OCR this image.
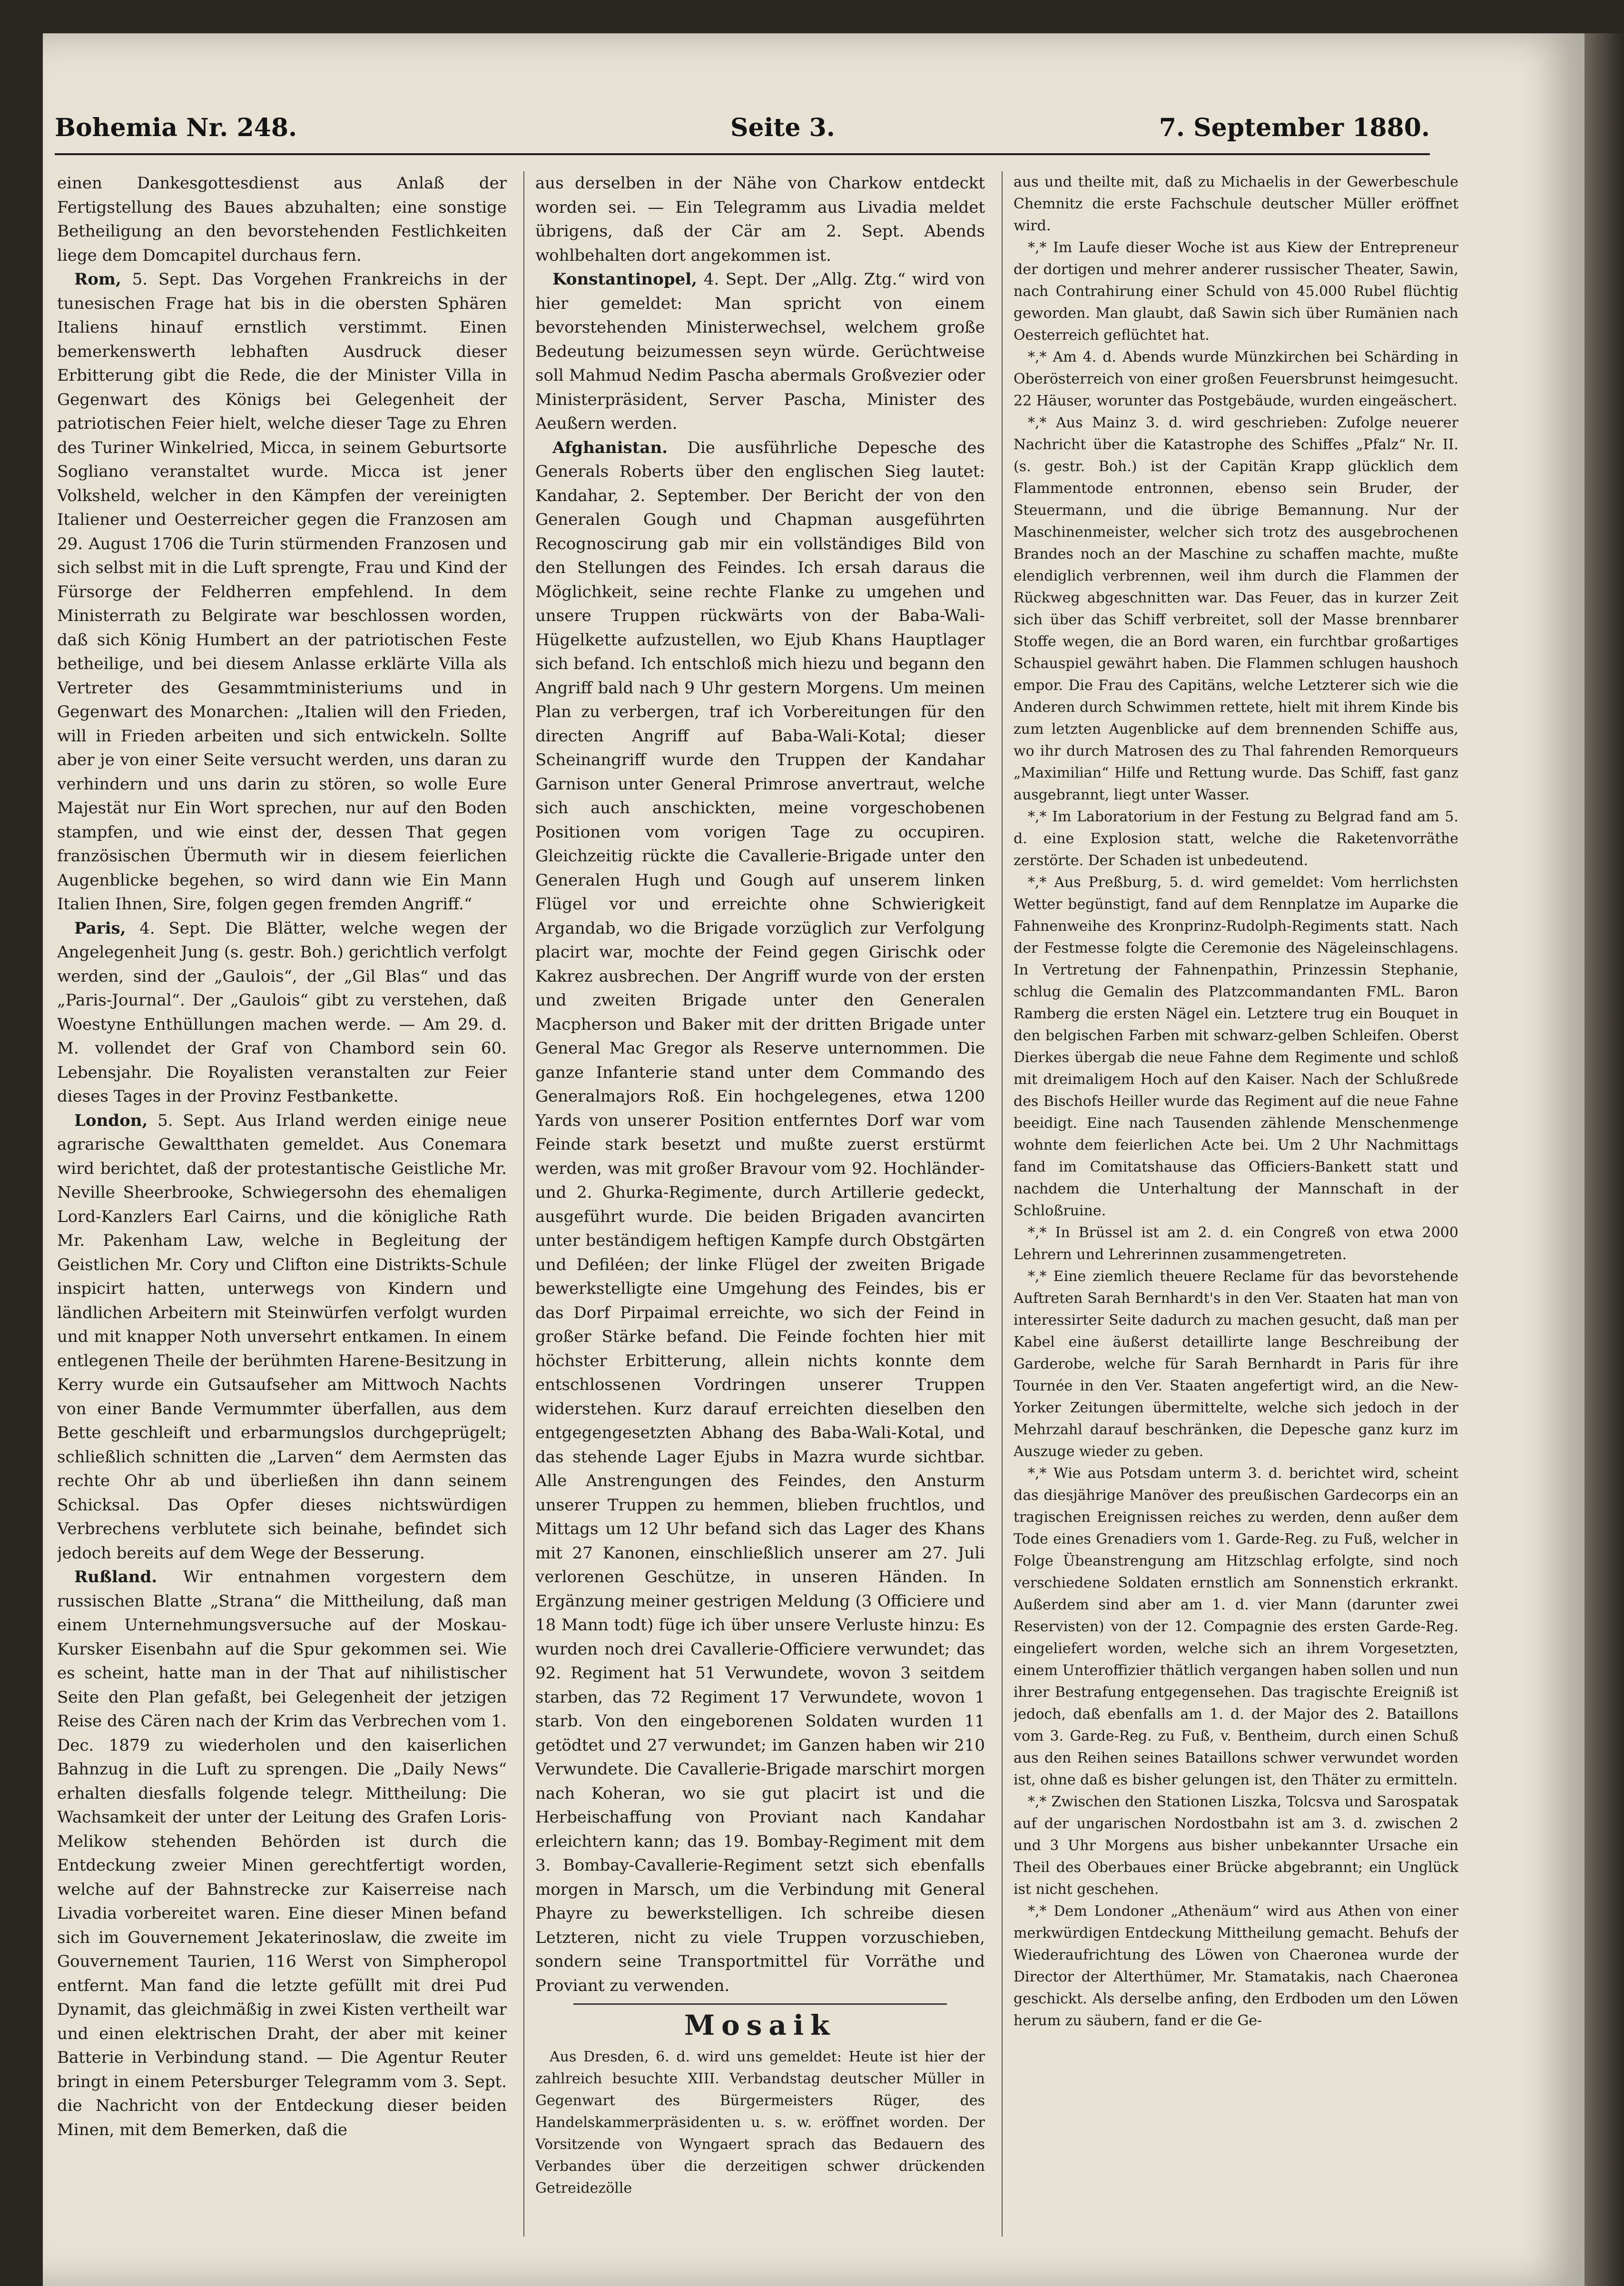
Bohemia Nr. 248.	Seite 3.	7. September 1880.

einen Dankesgottesdienst aus Anlaß der Fertigstellung des Baues abzuhalten; eine sonstige Betheiligung an den bevorstehenden Festlichkeiten liege dem Domcapitel durchaus fern.

Rom, 5. Sept. Das Vorgehen Frankreichs in der tunesischen Frage hat bis in die obersten Sphären Italiens hinauf ernstlich verstimmt. Einen bemerkenswerth lebhaften Ausdruck dieser Erbitterung gibt die Rede, die der Minister Villa in Gegenwart des Königs bei Gelegenheit der patriotischen Feier hielt, welche dieser Tage zu Ehren des Turiner Winkelried, Micca, in seinem Geburtsorte Sogliano veranstaltet wurde. Micca ist jener Volksheld, welcher in den Kämpfen der vereinigten Italiener und Oesterreicher gegen die Franzosen am 29. August 1706 die Turin stürmenden Franzosen und sich selbst mit in die Luft sprengte, Frau und Kind der Fürsorge der Feldherren empfehlend. In dem Ministerrath zu Belgirate war beschlossen worden, daß sich König Humbert an der patriotischen Feste betheilige, und bei diesem Anlasse erklärte Villa als Vertreter des Gesammtministeriums und in Gegenwart des Monarchen: „Italien will den Frieden, will in Frieden arbeiten und sich entwickeln. Sollte aber je von einer Seite versucht werden, uns daran zu verhindern und uns darin zu stören, so wolle Eure Majestät nur Ein Wort sprechen, nur auf den Boden stampfen, und wie einst der, dessen That gegen französischen Übermuth wir in diesem feierlichen Augenblicke begehen, so wird dann wie Ein Mann Italien Ihnen, Sire, folgen gegen fremden Angriff.“

Paris, 4. Sept. Die Blätter, welche wegen der Angelegenheit Jung (s. gestr. Boh.) gerichtlich verfolgt werden, sind der „Gaulois“, der „Gil Blas“ und das „Paris-Journal“. Der „Gaulois“ gibt zu verstehen, daß Woestyne Enthüllungen machen werde. — Am 29. d. M. vollendet der Graf von Chambord sein 60. Lebensjahr. Die Royalisten veranstalten zur Feier dieses Tages in der Provinz Festbankette.

London, 5. Sept. Aus Irland werden einige neue agrarische Gewaltthaten gemeldet. Aus Conemara wird berichtet, daß der protestantische Geistliche Mr. Neville Sheerbrooke, Schwiegersohn des ehemaligen Lord-Kanzlers Earl Cairns, und die königliche Rath Mr. Pakenham Law, welche in Begleitung der Geistlichen Mr. Cory und Clifton eine Distrikts-Schule inspicirt hatten, unterwegs von Kindern und ländlichen Arbeitern mit Steinwürfen verfolgt wurden und mit knapper Noth unversehrt entkamen. In einem entlegenen Theile der berühmten Harene-Besitzung in Kerry wurde ein Gutsaufseher am Mittwoch Nachts von einer Bande Vermummter überfallen, aus dem Bette geschleift und erbarmungslos durchgeprügelt; schließlich schnitten die „Larven“ dem Aermsten das rechte Ohr ab und überließen ihn dann seinem Schicksal. Das Opfer dieses nichtswürdigen Verbrechens verblutete sich beinahe, befindet sich jedoch bereits auf dem Wege der Besserung.

Rußland. Wir entnahmen vorgestern dem russischen Blatte „Strana“ die Mittheilung, daß man einem Unternehmungsversuche auf der Moskau-Kursker Eisenbahn auf die Spur gekommen sei. Wie es scheint, hatte man in der That auf nihilistischer Seite den Plan gefaßt, bei Gelegenheit der jetzigen Reise des Cären nach der Krim das Verbrechen vom 1. Dec. 1879 zu wiederholen und den kaiserlichen Bahnzug in die Luft zu sprengen. Die „Daily News“ erhalten diesfalls folgende telegr. Mittheilung: Die Wachsamkeit der unter der Leitung des Grafen Loris-Melikow stehenden Behörden ist durch die Entdeckung zweier Minen gerechtfertigt worden, welche auf der Bahnstrecke zur Kaiserreise nach Livadia vorbereitet waren. Eine dieser Minen befand sich im Gouvernement Jekaterinoslaw, die zweite im Gouvernement Taurien, 116 Werst von Simpheropol entfernt. Man fand die letzte gefüllt mit drei Pud Dynamit, das gleichmäßig in zwei Kisten vertheilt war und einen elektrischen Draht, der aber mit keiner Batterie in Verbindung stand. — Die Agentur Reuter bringt in einem Petersburger Telegramm vom 3. Sept. die Nachricht von der Entdeckung dieser beiden Minen, mit dem Bemerken, daß die

aus derselben in der Nähe von Charkow entdeckt worden sei. — Ein Telegramm aus Livadia meldet übrigens, daß der Cär am 2. Sept. Abends wohlbehalten dort angekommen ist.

Konstantinopel, 4. Sept. Der „Allg. Ztg.“ wird von hier gemeldet: Man spricht von einem bevorstehenden Ministerwechsel, welchem große Bedeutung beizumessen seyn würde. Gerüchtweise soll Mahmud Nedim Pascha abermals Großvezier oder Ministerpräsident, Server Pascha, Minister des Aeußern werden.

Afghanistan. Die ausführliche Depesche des Generals Roberts über den englischen Sieg lautet: Kandahar, 2. September. Der Bericht der von den Generalen Gough und Chapman ausgeführten Recognoscirung gab mir ein vollständiges Bild von den Stellungen des Feindes. Ich ersah daraus die Möglichkeit, seine rechte Flanke zu umgehen und unsere Truppen rückwärts von der Baba-Wali-Hügelkette aufzustellen, wo Ejub Khans Hauptlager sich befand. Ich entschloß mich hiezu und begann den Angriff bald nach 9 Uhr gestern Morgens. Um meinen Plan zu verbergen, traf ich Vorbereitungen für den directen Angriff auf Baba-Wali-Kotal; dieser Scheinangriff wurde den Truppen der Kandahar Garnison unter General Primrose anvertraut, welche sich auch anschickten, meine vorgeschobenen Positionen vom vorigen Tage zu occupiren. Gleichzeitig rückte die Cavallerie-Brigade unter den Generalen Hugh und Gough auf unserem linken Flügel vor und erreichte ohne Schwierigkeit Argandab, wo die Brigade vorzüglich zur Verfolgung placirt war, mochte der Feind gegen Girischk oder Kakrez ausbrechen. Der Angriff wurde von der ersten und zweiten Brigade unter den Generalen Macpherson und Baker mit der dritten Brigade unter General Mac Gregor als Reserve unternommen. Die ganze Infanterie stand unter dem Commando des Generalmajors Roß. Ein hochgelegenes, etwa 1200 Yards von unserer Position entferntes Dorf war vom Feinde stark besetzt und mußte zuerst erstürmt werden, was mit großer Bravour vom 92. Hochländer- und 2. Ghurka-Regimente, durch Artillerie gedeckt, ausgeführt wurde. Die beiden Brigaden avancirten unter beständigem heftigen Kampfe durch Obstgärten und Defiléen; der linke Flügel der zweiten Brigade bewerkstelligte eine Umgehung des Feindes, bis er das Dorf Pirpaimal erreichte, wo sich der Feind in großer Stärke befand. Die Feinde fochten hier mit höchster Erbitterung, allein nichts konnte dem entschlossenen Vordringen unserer Truppen widerstehen. Kurz darauf erreichten dieselben den entgegengesetzten Abhang des Baba-Wali-Kotal, und das stehende Lager Ejubs in Mazra wurde sichtbar. Alle Anstrengungen des Feindes, den Ansturm unserer Truppen zu hemmen, blieben fruchtlos, und Mittags um 12 Uhr befand sich das Lager des Khans mit 27 Kanonen, einschließlich unserer am 27. Juli verlorenen Geschütze, in unseren Händen. In Ergänzung meiner gestrigen Meldung (3 Officiere und 18 Mann todt) füge ich über unsere Verluste hinzu: Es wurden noch drei Cavallerie-Officiere verwundet; das 92. Regiment hat 51 Verwundete, wovon 3 seitdem starben, das 72 Regiment 17 Verwundete, wovon 1 starb. Von den eingeborenen Soldaten wurden 11 getödtet und 27 verwundet; im Ganzen haben wir 210 Verwundete. Die Cavallerie-Brigade marschirt morgen nach Koheran, wo sie gut placirt ist und die Herbeischaffung von Proviant nach Kandahar erleichtern kann; das 19. Bombay-Regiment mit dem 3. Bombay-Cavallerie-Regiment setzt sich ebenfalls morgen in Marsch, um die Verbindung mit General Phayre zu bewerkstelligen. Ich schreibe diesen Letzteren, nicht zu viele Truppen vorzuschieben, sondern seine Transportmittel für Vorräthe und Proviant zu verwenden.

Mosaik

Aus Dresden, 6. d. wird uns gemeldet: Heute ist hier der zahlreich besuchte XIII. Verbandstag deutscher Müller in Gegenwart des Bürgermeisters Rüger, des Handelskammerpräsidenten u. s. w. eröffnet worden. Der Vorsitzende von Wyngaert sprach das Bedauern des Verbandes über die derzeitigen schwer drückenden Getreidezölle

aus und theilte mit, daß zu Michaelis in der Gewerbeschule Chemnitz die erste Fachschule deutscher Müller eröffnet wird.

*,* Im Laufe dieser Woche ist aus Kiew der Entrepreneur der dortigen und mehrer anderer russischer Theater, Sawin, nach Contrahirung einer Schuld von 45.000 Rubel flüchtig geworden. Man glaubt, daß Sawin sich über Rumänien nach Oesterreich geflüchtet hat.

*,* Am 4. d. Abends wurde Münzkirchen bei Schärding in Oberösterreich von einer großen Feuersbrunst heimgesucht. 22 Häuser, worunter das Postgebäude, wurden eingeäschert.

*,* Aus Mainz 3. d. wird geschrieben: Zufolge neuerer Nachricht über die Katastrophe des Schiffes „Pfalz“ Nr. II. (s. gestr. Boh.) ist der Capitän Krapp glücklich dem Flammentode entronnen, ebenso sein Bruder, der Steuermann, und die übrige Bemannung. Nur der Maschinenmeister, welcher sich trotz des ausgebrochenen Brandes noch an der Maschine zu schaffen machte, mußte elendiglich verbrennen, weil ihm durch die Flammen der Rückweg abgeschnitten war. Das Feuer, das in kurzer Zeit sich über das Schiff verbreitet, soll der Masse brennbarer Stoffe wegen, die an Bord waren, ein furchtbar großartiges Schauspiel gewährt haben. Die Flammen schlugen haushoch empor. Die Frau des Capitäns, welche Letzterer sich wie die Anderen durch Schwimmen rettete, hielt mit ihrem Kinde bis zum letzten Augenblicke auf dem brennenden Schiffe aus, wo ihr durch Matrosen des zu Thal fahrenden Remorqueurs „Maximilian“ Hilfe und Rettung wurde. Das Schiff, fast ganz ausgebrannt, liegt unter Wasser.

*,* Im Laboratorium in der Festung zu Belgrad fand am 5. d. eine Explosion statt, welche die Raketenvorräthe zerstörte. Der Schaden ist unbedeutend.

*,* Aus Preßburg, 5. d. wird gemeldet: Vom herrlichsten Wetter begünstigt, fand auf dem Rennplatze im Auparke die Fahnenweihe des Kronprinz-Rudolph-Regiments statt. Nach der Festmesse folgte die Ceremonie des Nägeleinschlagens. In Vertretung der Fahnenpathin, Prinzessin Stephanie, schlug die Gemalin des Platzcommandanten FML. Baron Ramberg die ersten Nägel ein. Letztere trug ein Bouquet in den belgischen Farben mit schwarz-gelben Schleifen. Oberst Dierkes übergab die neue Fahne dem Regimente und schloß mit dreimaligem Hoch auf den Kaiser. Nach der Schlußrede des Bischofs Heiller wurde das Regiment auf die neue Fahne beeidigt. Eine nach Tausenden zählende Menschenmenge wohnte dem feierlichen Acte bei. Um 2 Uhr Nachmittags fand im Comitatshause das Officiers-Bankett statt und nachdem die Unterhaltung der Mannschaft in der Schloßruine.

*,* In Brüssel ist am 2. d. ein Congreß von etwa 2000 Lehrern und Lehrerinnen zusammengetreten.

*,* Eine ziemlich theuere Reclame für das bevorstehende Auftreten Sarah Bernhardt's in den Ver. Staaten hat man von interessirter Seite dadurch zu machen gesucht, daß man per Kabel eine äußerst detaillirte lange Beschreibung der Garderobe, welche für Sarah Bernhardt in Paris für ihre Tournée in den Ver. Staaten angefertigt wird, an die New-Yorker Zeitungen übermittelte, welche sich jedoch in der Mehrzahl darauf beschränken, die Depesche ganz kurz im Auszuge wieder zu geben.

*,* Wie aus Potsdam unterm 3. d. berichtet wird, scheint das diesjährige Manöver des preußischen Gardecorps ein an tragischen Ereignissen reiches zu werden, denn außer dem Tode eines Grenadiers vom 1. Garde-Reg. zu Fuß, welcher in Folge Übeanstrengung am Hitzschlag erfolgte, sind noch verschiedene Soldaten ernstlich am Sonnenstich erkrankt. Außerdem sind aber am 1. d. vier Mann (darunter zwei Reservisten) von der 12. Compagnie des ersten Garde-Reg. eingeliefert worden, welche sich an ihrem Vorgesetzten, einem Unteroffizier thätlich vergangen haben sollen und nun ihrer Bestrafung entgegensehen. Das tragischte Ereigniß ist jedoch, daß ebenfalls am 1. d. der Major des 2. Bataillons vom 3. Garde-Reg. zu Fuß, v. Bentheim, durch einen Schuß aus den Reihen seines Bataillons schwer verwundet worden ist, ohne daß es bisher gelungen ist, den Thäter zu ermitteln.

*,* Zwischen den Stationen Liszka, Tolcsva und Sarospatak auf der ungarischen Nordostbahn ist am 3. d. zwischen 2 und 3 Uhr Morgens aus bisher unbekannter Ursache ein Theil des Oberbaues einer Brücke abgebrannt; ein Unglück ist nicht geschehen.

*,* Dem Londoner „Athenäum“ wird aus Athen von einer merkwürdigen Entdeckung Mittheilung gemacht. Behufs der Wiederaufrichtung des Löwen von Chaeronea wurde der Director der Alterthümer, Mr. Stamatakis, nach Chaeronea geschickt. Als derselbe anfing, den Erdboden um den Löwen herum zu säubern, fand er die Ge-
